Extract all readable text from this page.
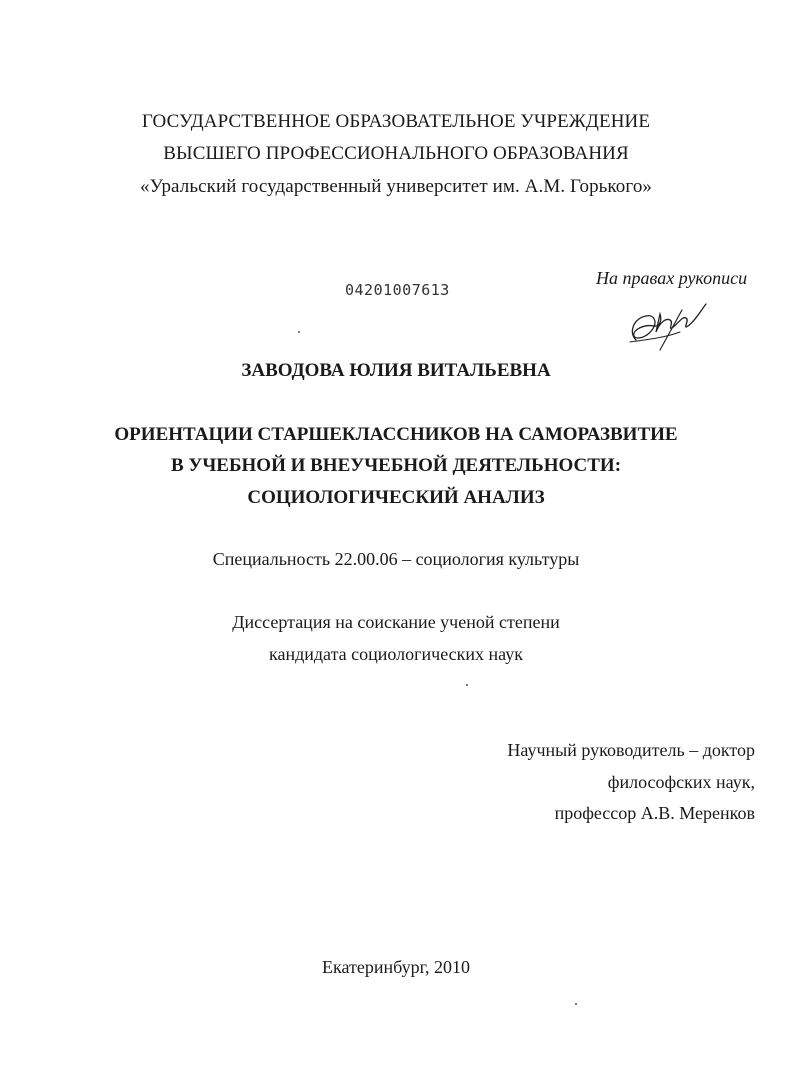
ГОСУДАРСТВЕННОЕ ОБРАЗОВАТЕЛЬНОЕ УЧРЕЖДЕНИЕ
ВЫСШЕГО ПРОФЕССИОНАЛЬНОГО ОБРАЗОВАНИЯ
«Уральский государственный университет им. А.М. Горького»
04201007613
На правах рукописи
ЗАВОДОВА ЮЛИЯ ВИТАЛЬЕВНА
ОРИЕНТАЦИИ СТАРШЕКЛАССНИКОВ НА САМОРАЗВИТИЕ
В УЧЕБНОЙ И ВНЕУЧЕБНОЙ ДЕЯТЕЛЬНОСТИ:
СОЦИОЛОГИЧЕСКИЙ АНАЛИЗ
Специальность 22.00.06 – социология культуры
Диссертация на соискание ученой степени
кандидата социологических наук
Научный руководитель – доктор
философских наук,
профессор А.В. Меренков
Екатеринбург, 2010
